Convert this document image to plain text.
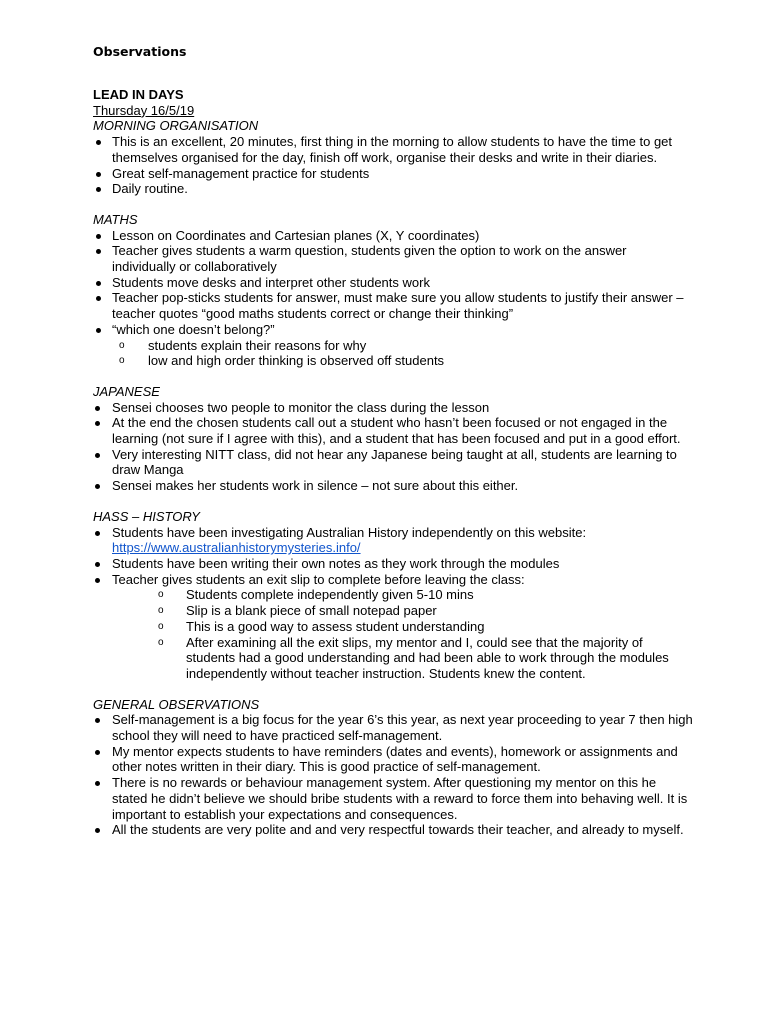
Observations
LEAD IN DAYS
Thursday 16/5/19
MORNING ORGANISATION
This is an excellent, 20 minutes, first thing in the morning to allow students to have the time to get themselves organised for the day, finish off work, organise their desks and write in their diaries.
Great self-management practice for students
Daily routine.
MATHS
Lesson on Coordinates and Cartesian planes (X, Y coordinates)
Teacher gives students a warm question, students given the option to work on the answer individually or collaboratively
Students move desks and interpret other students work
Teacher pop-sticks students for answer, must make sure you allow students to justify their answer – teacher quotes “good maths students correct or change their thinking”
“which one doesn’t belong?”
o students explain their reasons for why
o low and high order thinking is observed off students
JAPANESE
Sensei chooses two people to monitor the class during the lesson
At the end the chosen students call out a student who hasn’t been focused or not engaged in the learning (not sure if I agree with this), and a student that has been focused and put in a good effort.
Very interesting NITT class, did not hear any Japanese being taught at all, students are learning to draw Manga
Sensei makes her students work in silence – not sure about this either.
HASS – HISTORY
Students have been investigating Australian History independently on this website:
https://www.australianhistorymysteries.info/
Students have been writing their own notes as they work through the modules
Teacher gives students an exit slip to complete before leaving the class:
o Students complete independently given 5-10 mins
o Slip is a blank piece of small notepad paper
o This is a good way to assess student understanding
o After examining all the exit slips, my mentor and I, could see that the majority of students had a good understanding and had been able to work through the modules independently without teacher instruction. Students knew the content.
GENERAL OBSERVATIONS
Self-management is a big focus for the year 6’s this year, as next year proceeding to year 7 then high school they will need to have practiced self-management.
My mentor expects students to have reminders (dates and events), homework or assignments and other notes written in their diary. This is good practice of self-management.
There is no rewards or behaviour management system. After questioning my mentor on this he stated he didn’t believe we should bribe students with a reward to force them into behaving well. It is important to establish your expectations and consequences.
All the students are very polite and and very respectful towards their teacher, and already to myself.
